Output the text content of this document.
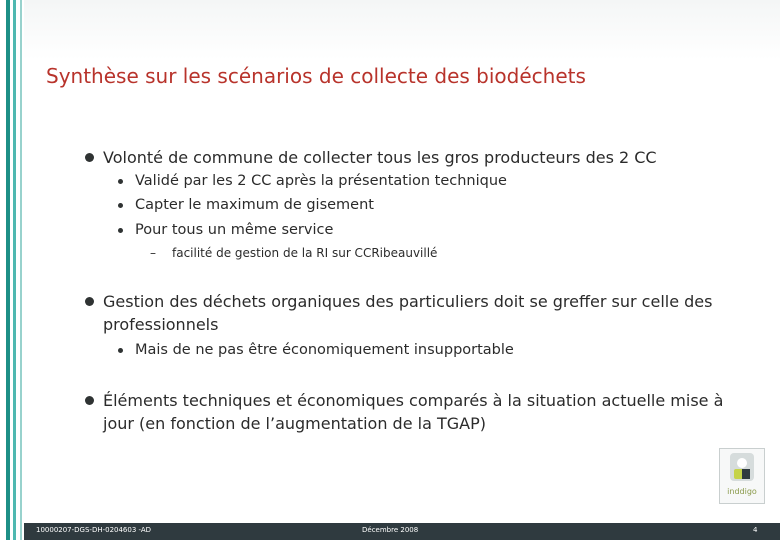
Synthèse sur les scénarios de collecte des biodéchets
Volonté de commune de collecter tous les gros producteurs des 2 CC
Validé par les 2 CC après la présentation technique
Capter le maximum de gisement
Pour tous un même service
– facilité de gestion de la RI sur CCRibeauvillé
Gestion des déchets organiques des particuliers doit se greffer sur celle des professionnels
Mais de ne pas être économiquement insupportable
Éléments techniques et économiques comparés à la situation actuelle mise à jour (en fonction de l’augmentation de la TGAP)
inddigo
10000207-DGS-DH-0204603 -AD	Décembre 2008	4
